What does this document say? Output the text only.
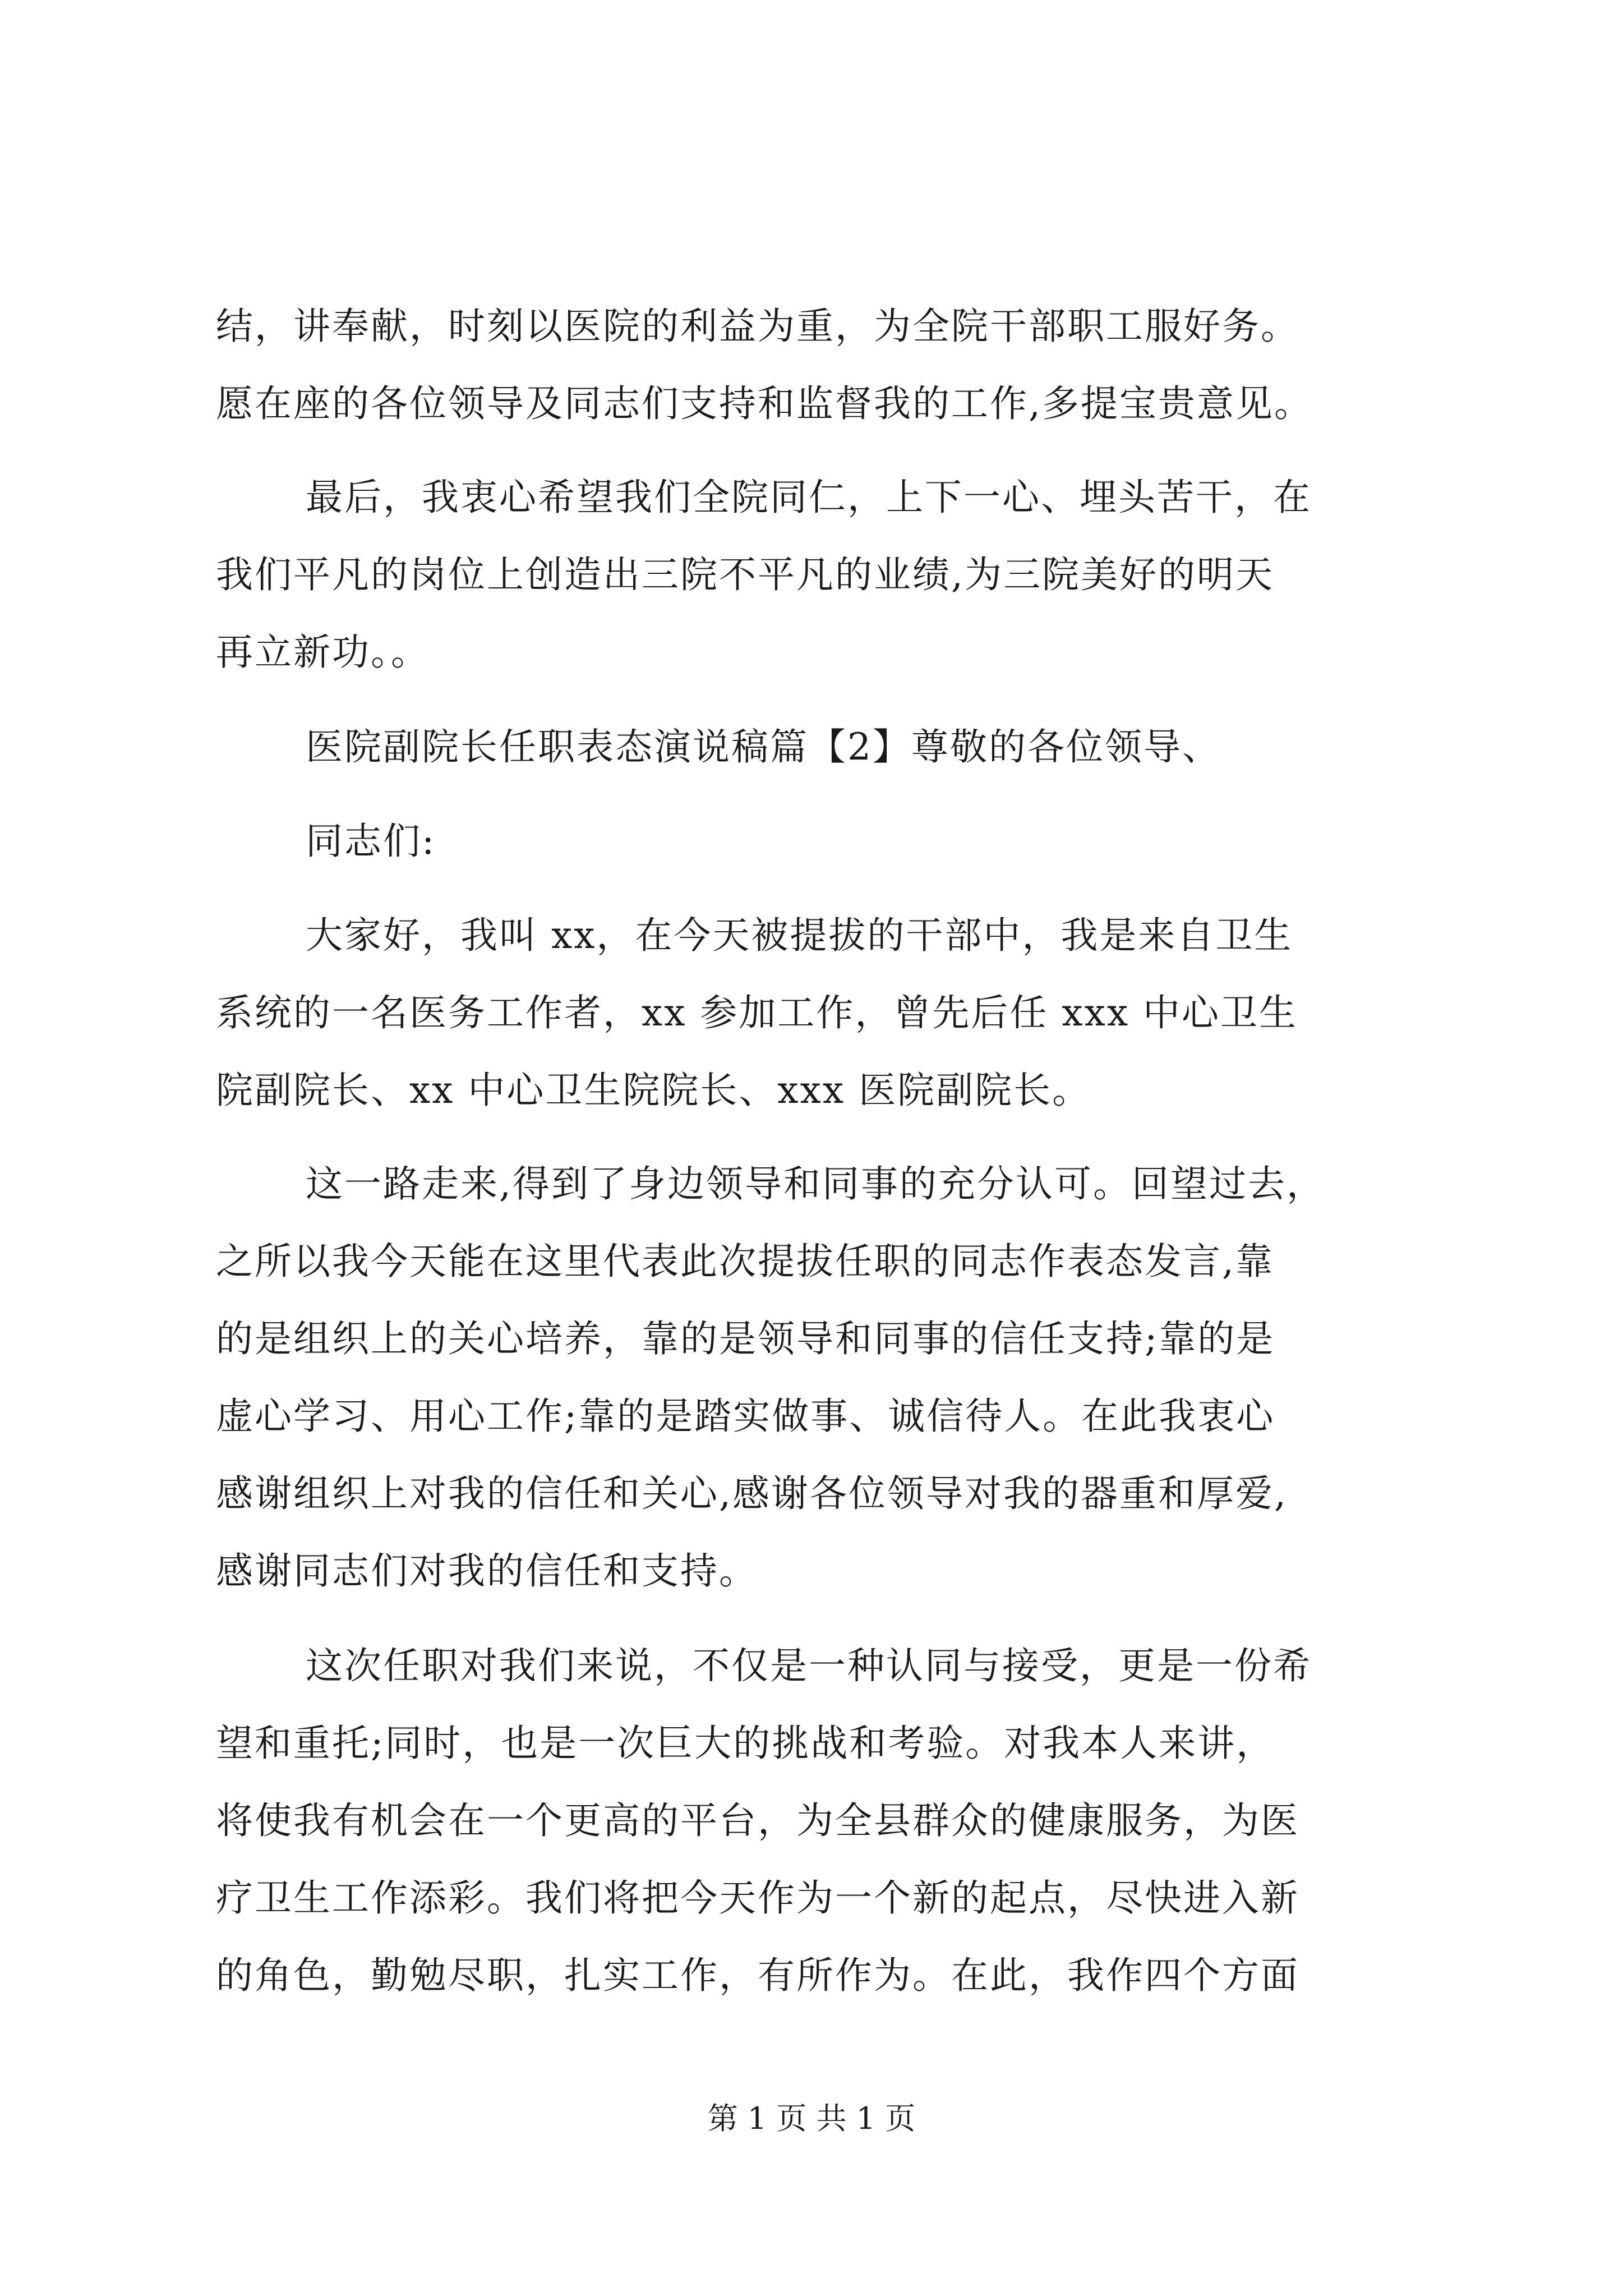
结，讲奉献，时刻以医院的利益为重，为全院干部职工服好务。
愿在座的各位领导及同志们支持和监督我的工作,多提宝贵意见。
最后，我衷心希望我们全院同仁，上下一心、埋头苦干，在
我们平凡的岗位上创造出三院不平凡的业绩,为三院美好的明天
再立新功。。
医院副院长任职表态演说稿篇【2】尊敬的各位领导、
同志们:
大家好，我叫 xx，在今天被提拔的干部中，我是来自卫生
系统的一名医务工作者，xx 参加工作，曾先后任 xxx 中心卫生
院副院长、xx 中心卫生院院长、xxx 医院副院长。
这一路走来,得到了身边领导和同事的充分认可。回望过去，
之所以我今天能在这里代表此次提拔任职的同志作表态发言,靠
的是组织上的关心培养，靠的是领导和同事的信任支持;靠的是
虚心学习、用心工作;靠的是踏实做事、诚信待人。在此我衷心
感谢组织上对我的信任和关心,感谢各位领导对我的器重和厚爱,
感谢同志们对我的信任和支持。
这次任职对我们来说，不仅是一种认同与接受，更是一份希
望和重托;同时，也是一次巨大的挑战和考验。对我本人来讲，
将使我有机会在一个更高的平台，为全县群众的健康服务，为医
疗卫生工作添彩。我们将把今天作为一个新的起点，尽快进入新
的角色，勤勉尽职，扎实工作，有所作为。在此，我作四个方面
第 1 页 共 1 页
